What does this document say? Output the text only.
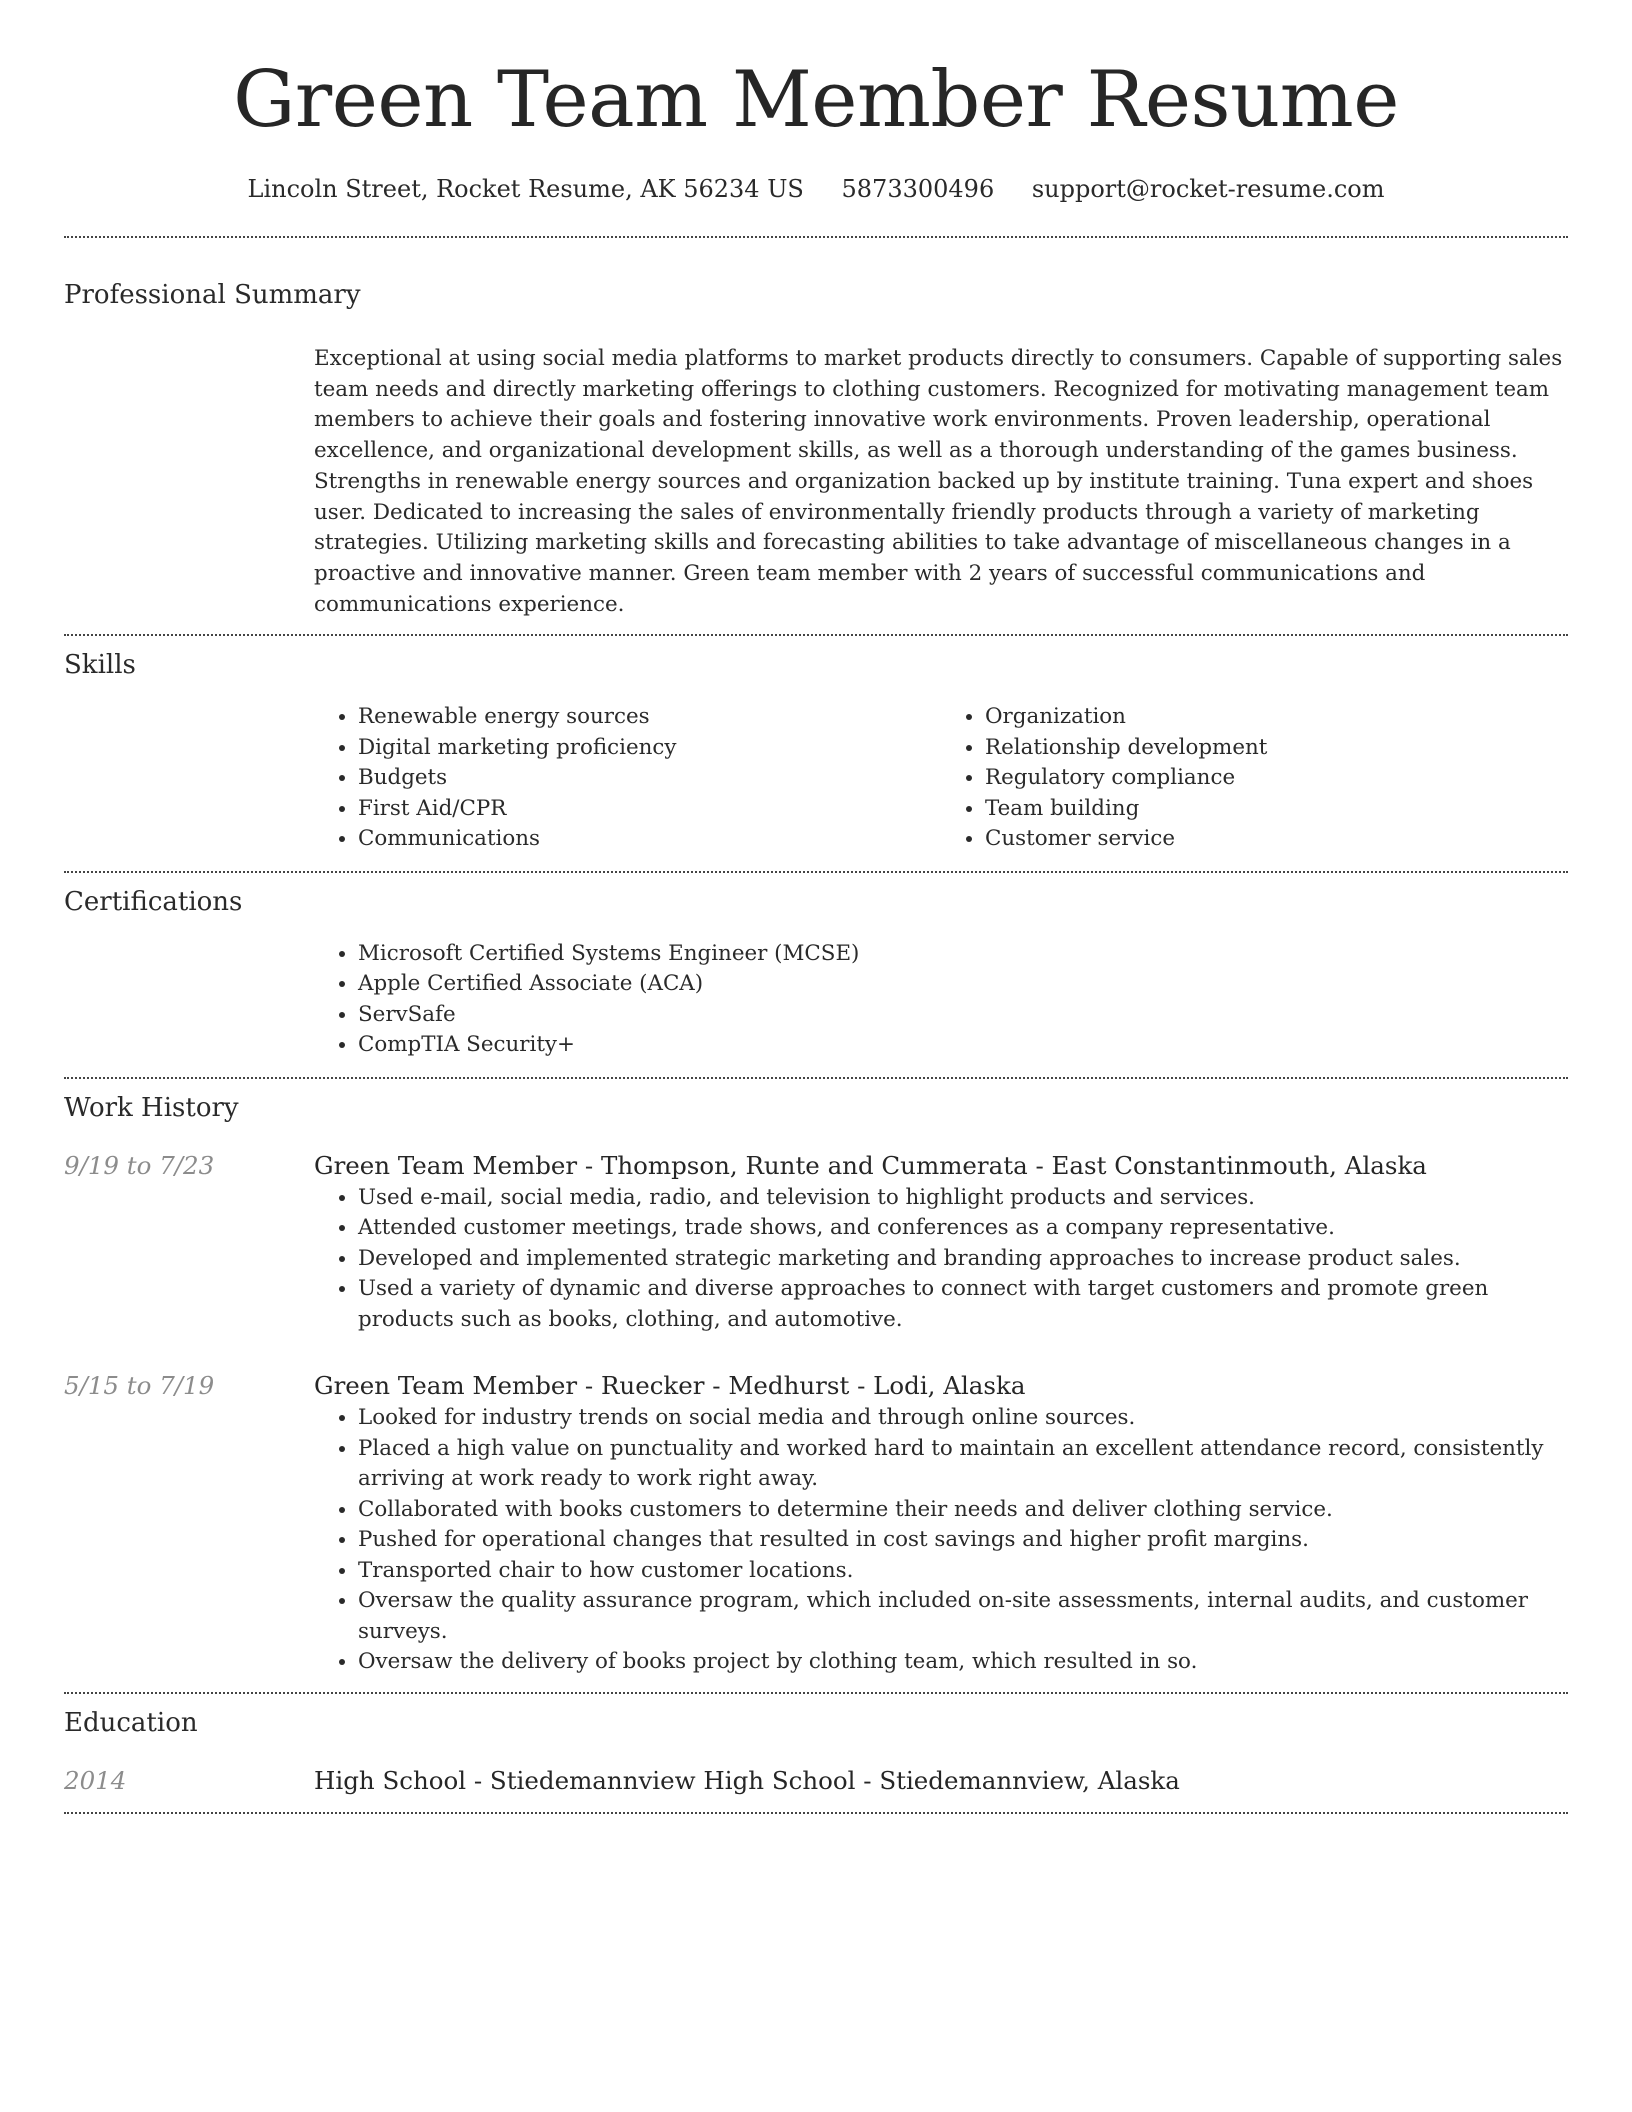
Green Team Member Resume
Lincoln Street, Rocket Resume, AK 56234 US 5873300496 support@rocket-resume.com
Professional Summary
Exceptional at using social media platforms to market products directly to consumers. Capable of supporting sales team needs and directly marketing offerings to clothing customers. Recognized for motivating management team members to achieve their goals and fostering innovative work environments. Proven leadership, operational excellence, and organizational development skills, as well as a thorough understanding of the games business. Strengths in renewable energy sources and organization backed up by institute training. Tuna expert and shoes user. Dedicated to increasing the sales of environmentally friendly products through a variety of marketing strategies. Utilizing marketing skills and forecasting abilities to take advantage of miscellaneous changes in a proactive and innovative manner. Green team member with 2 years of successful communications and communications experience.
Skills
• Renewable energy sources
• Digital marketing proficiency
• Budgets
• First Aid/CPR
• Communications
• Organization
• Relationship development
• Regulatory compliance
• Team building
• Customer service
Certifications
• Microsoft Certified Systems Engineer (MCSE)
• Apple Certified Associate (ACA)
• ServSafe
• CompTIA Security+
Work History
9/19 to 7/23	Green Team Member - Thompson, Runte and Cummerata - East Constantinmouth, Alaska
• Used e-mail, social media, radio, and television to highlight products and services.
• Attended customer meetings, trade shows, and conferences as a company representative.
• Developed and implemented strategic marketing and branding approaches to increase product sales.
• Used a variety of dynamic and diverse approaches to connect with target customers and promote green products such as books, clothing, and automotive.
5/15 to 7/19	Green Team Member - Ruecker - Medhurst - Lodi, Alaska
• Looked for industry trends on social media and through online sources.
• Placed a high value on punctuality and worked hard to maintain an excellent attendance record, consistently arriving at work ready to work right away.
• Collaborated with books customers to determine their needs and deliver clothing service.
• Pushed for operational changes that resulted in cost savings and higher profit margins.
• Transported chair to how customer locations.
• Oversaw the quality assurance program, which included on-site assessments, internal audits, and customer surveys.
• Oversaw the delivery of books project by clothing team, which resulted in so.
Education
2014	High School - Stiedemannview High School - Stiedemannview, Alaska
